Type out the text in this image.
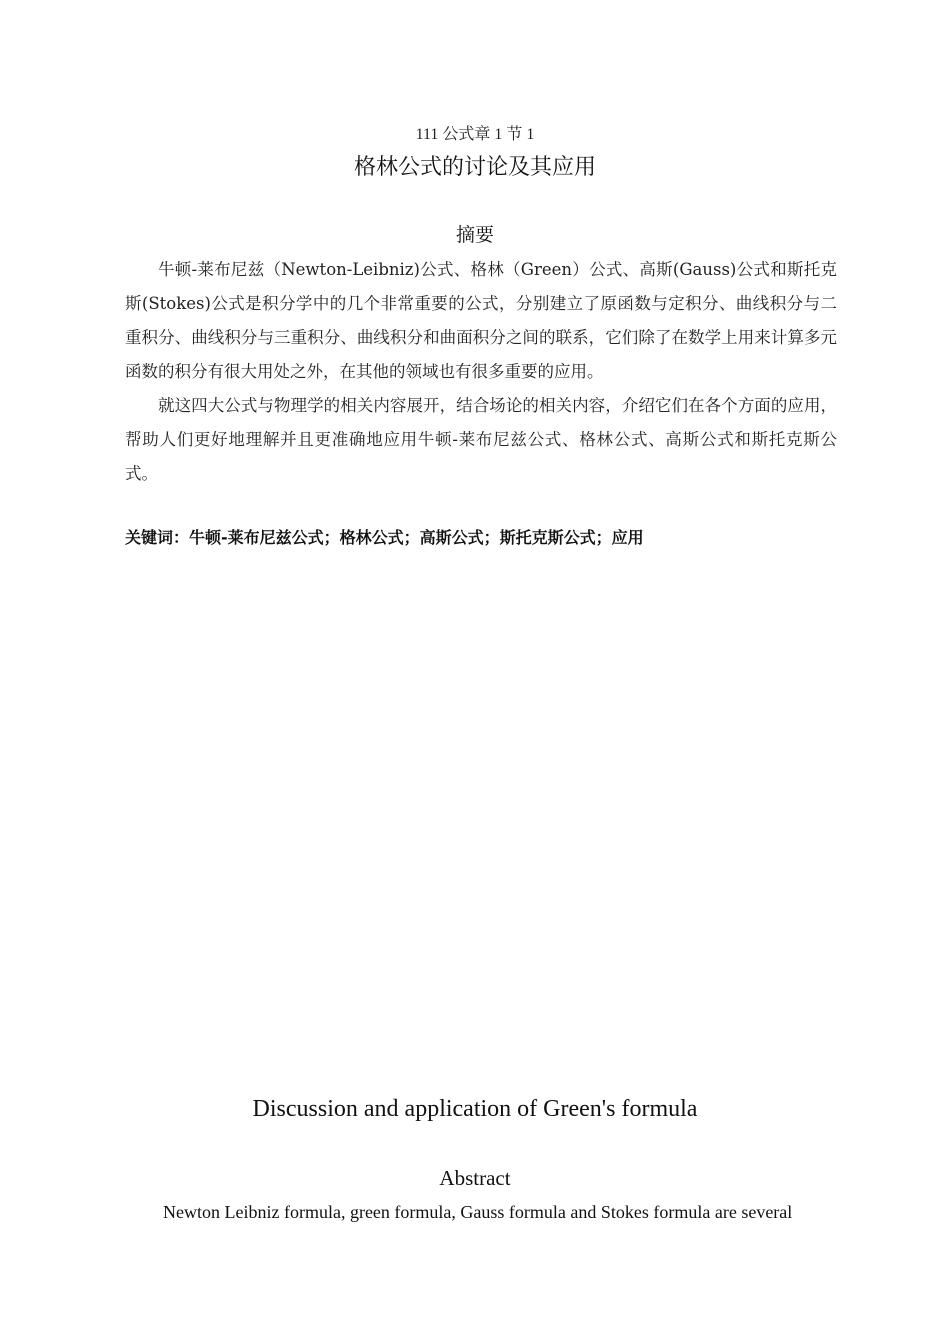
111 公式章 1 节 1
格林公式的讨论及其应用
摘要

牛顿-莱布尼兹（Newton-Leibniz)公式、格林（Green）公式、高斯(Gauss)公式和斯托克斯(Stokes)公式是积分学中的几个非常重要的公式，分别建立了原函数与定积分、曲线积分与二重积分、曲线积分与三重积分、曲线积分和曲面积分之间的联系，它们除了在数学上用来计算多元函数的积分有很大用处之外，在其他的领域也有很多重要的应用。

就这四大公式与物理学的相关内容展开，结合场论的相关内容，介绍它们在各个方面的应用，帮助人们更好地理解并且更准确地应用牛顿-莱布尼兹公式、格林公式、高斯公式和斯托克斯公式。

关键词：牛顿-莱布尼兹公式；格林公式；高斯公式；斯托克斯公式；应用
Discussion and application of Green's formula
Abstract
Newton Leibniz formula, green formula, Gauss formula and Stokes formula are several
